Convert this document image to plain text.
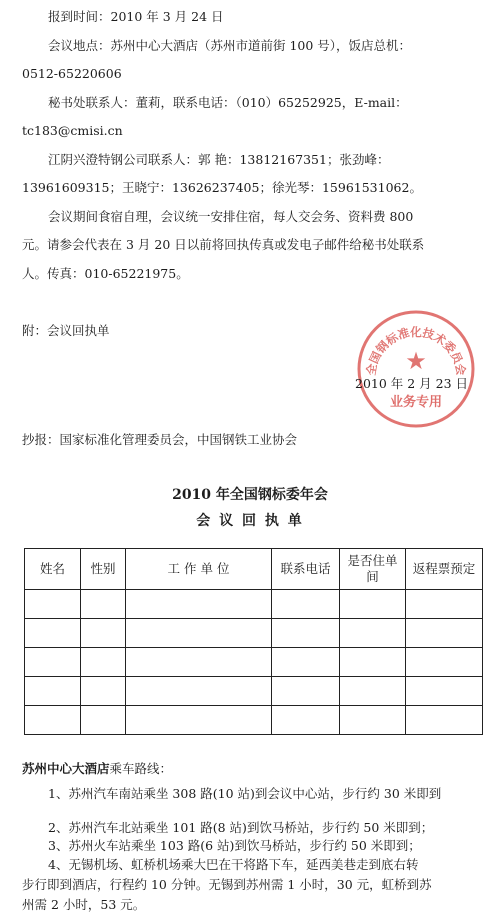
报到时间：2010 年 3 月 24 日
会议地点：苏州中心大酒店（苏州市道前街 100 号），饭店总机：
0512-65220606
秘书处联系人：董莉，联系电话：（010）65252925，E-mail：
tc183@cmisi.cn
江阴兴澄特钢公司联系人：郭 艳：13812167351；张劲峰：
13961609315；王晓宁：13626237405；徐光琴：15961531062。
会议期间食宿自理，会议统一安排住宿，每人交会务、资料费 800
元。请参会代表在 3 月 20 日以前将回执传真或发电子邮件给秘书处联系
人。传真：010-65221975。
附：会议回执单
全国钢标准化技术委员会
★
业务专用
2010 年 2 月 23 日
抄报：国家标准化管理委员会，中国钢铁工业协会
2010 年全国钢标委年会
会 议 回 执 单
姓名	性别	工 作 单 位	联系电话	是否住单间	返程票预定

苏州中心大酒店乘车路线：
1、苏州汽车南站乘坐 308 路(10 站)到会议中心站，步行约 30 米即到
2、苏州汽车北站乘坐 101 路(8 站)到饮马桥站，步行约 50 米即到；
3、苏州火车站乘坐 103 路(6 站)到饮马桥站，步行约 50 米即到；
4、无锡机场、虹桥机场乘大巴在干将路下车，延西美巷走到底右转
步行即到酒店，行程约 10 分钟。无锡到苏州需 1 小时，30 元，虹桥到苏
州需 2 小时，53 元。
